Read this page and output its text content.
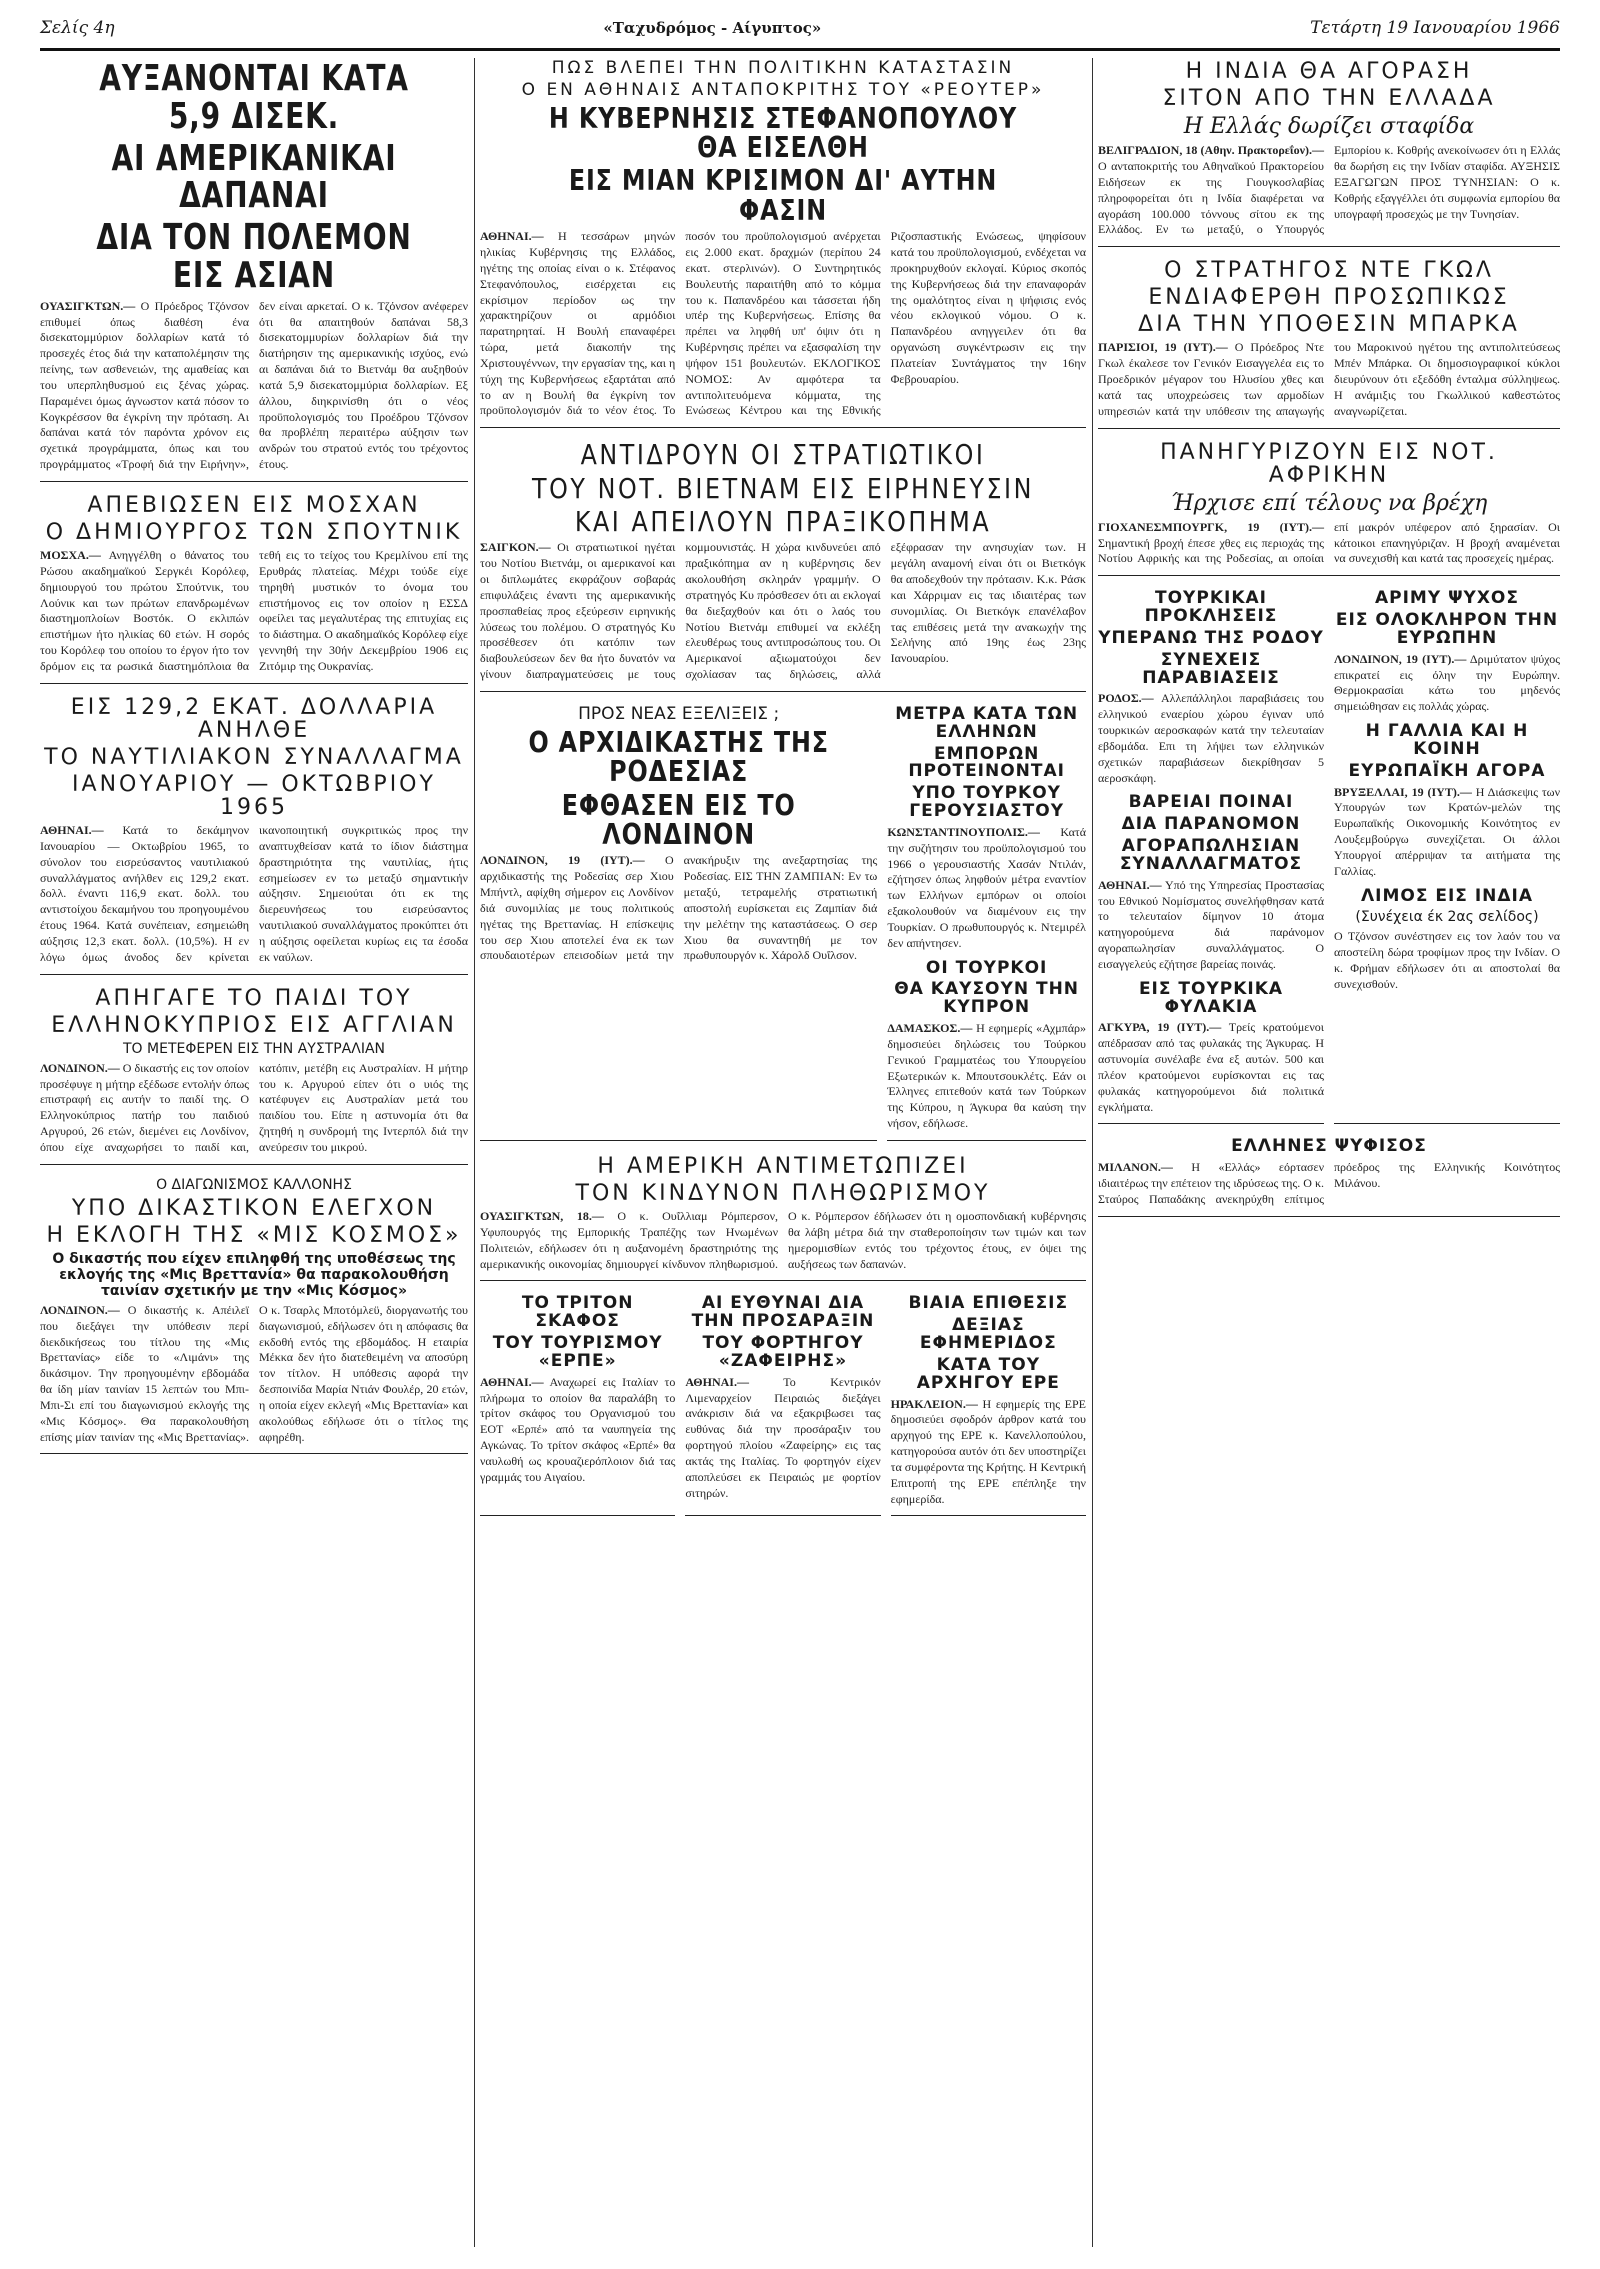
Σελίς 4η	«Ταχυδρόμος - Αίγυπτος»	Τετάρτη 19 Ιανουαρίου 1966
ΑΥΞΑΝΟΝΤΑΙ ΚΑΤΑ 5,9 ΔΙΣΕΚ.
ΑΙ ΑΜΕΡΙΚΑΝΙΚΑΙ ΔΑΠΑΝΑΙ
ΔΙΑ ΤΟΝ ΠΟΛΕΜΟΝ ΕΙΣ ΑΣΙΑΝ
ΟΥΑΣΙΓΚΤΩΝ.— Ο Πρόεδρος Τζόνσον επιθυμεί όπως διαθέση ένα δισεκατομμύριον δολλαρίων κατά τό προσεχές έτος διά την καταπολέμησιν της πείνης, των ασθενειών, της αμαθείας και του υπερπληθυσμού εις ξένας χώρας. Παραμένει όμως άγνωστον κατά πόσον το Κογκρέσσον θα έγκρίνη την πρόταση. Αι δαπάναι κατά τόν παρόντα χρόνον εις σχετικά προγράμματα, όπως και του προγράμματος «Τροφή διά την Ειρήνην», δεν είναι αρκεταί. Ο κ. Τζόνσον ανέφερεν ότι θα απαιτηθούν δαπάναι 58,3 δισεκατομμυρίων δολλαρίων διά την διατήρησιν της αμερικανικής ισχύος, ενώ αι δαπάναι διά το Βιετνάμ θα αυξηθούν κατά 5,9 δισεκατομμύρια δολλαρίων. Εξ άλλου, διηκρινίσθη ότι ο νέος προϋπολογισμός του Προέδρου Τζόνσον θα προβλέπη περαιτέρω αύξησιν των ανδρών του στρατού εντός του τρέχοντος έτους.
ΑΠΕΒΙΩΣΕΝ ΕΙΣ ΜΟΣΧΑΝ
Ο ΔΗΜΙΟΥΡΓΟΣ ΤΩΝ ΣΠΟΥΤΝΙΚ
ΜΟΣΧΑ.— Ανηγγέλθη ο θάνατος του Ρώσου ακαδημαϊκού Σεργκέι Κορόλεφ, δημιουργού του πρώτου Σπούτνικ, του Λούνικ και των πρώτων επανδρωμένων διαστημοπλοίων Βοστόκ. Ο εκλιπών επιστήμων ήτο ηλικίας 60 ετών. Η σορός του Κορόλεφ του οποίου το έργον ήτο τον δρόμον εις τα ρωσικά διαστημόπλοια θα τεθή εις το τείχος του Κρεμλίνου επί της Ερυθράς πλατείας. Μέχρι τούδε είχε τηρηθή μυστικόν το όνομα του επιστήμονος εις τον οποίον η ΕΣΣΔ οφείλει τας μεγαλυτέρας της επιτυχίας εις το διάστημα. Ο ακαδημαϊκός Κορόλεφ είχε γεννηθή την 30ήν Δεκεμβρίου 1906 εις Ζιτόμιρ της Ουκρανίας.
ΕΙΣ 129,2 ΕΚΑΤ. ΔΟΛΛΑΡΙΑ ΑΝΗΛΘΕ
ΤΟ ΝΑΥΤΙΛΙΑΚΟΝ ΣΥΝΑΛΛΑΓΜΑ
ΙΑΝΟΥΑΡΙΟΥ — ΟΚΤΩΒΡΙΟΥ 1965
ΑΘΗΝΑΙ.— Κατά το δεκάμηνον Ιανουαρίου — Οκτωβρίου 1965, το σύνολον του εισρεύσαντος ναυτιλιακού συναλλάγματος ανήλθεν εις 129,2 εκατ. δολλ. έναντι 116,9 εκατ. δολλ. του αντιστοίχου δεκαμήνου του προηγουμένου έτους 1964. Κατά συνέπειαν, εσημειώθη αύξησις 12,3 εκατ. δολλ. (10,5%). Η εν λόγω όμως άνοδος δεν κρίνεται ικανοποιητική συγκριτικώς προς την αναπτυχθείσαν κατά το ίδιον διάστημα δραστηριότητα της ναυτιλίας, ήτις εσημείωσεν εν τω μεταξύ σημαντικήν αύξησιν. Σημειούται ότι εκ της διερευνήσεως του εισρεύσαντος ναυτιλιακού συναλλάγματος προκύπτει ότι η αύξησις οφείλεται κυρίως εις τα έσοδα εκ ναύλων.
ΑΠΗΓΑΓΕ ΤΟ ΠΑΙΔΙ ΤΟΥ
ΕΛΛΗΝΟΚΥΠΡΙΟΣ ΕΙΣ ΑΓΓΛΙΑΝ
ΤΟ ΜΕΤΕΦΕΡΕΝ ΕΙΣ ΤΗΝ ΑΥΣΤΡΑΛΙΑΝ
ΛΟΝΔΙΝΟΝ.— Ο δικαστής εις τον οποίον προσέφυγε η μήτηρ εξέδωσε εντολήν όπως επιστραφή εις αυτήν το παιδί της. Ο Ελληνοκύπριος πατήρ του παιδιού Αργυρού, 26 ετών, διεμένει εις Λονδίνον, όπου είχε αναχωρήσει το παιδί και, κατόπιν, μετέβη εις Αυστραλίαν. Η μήτηρ του κ. Αργυρού είπεν ότι ο υιός της κατέφυγεν εις Αυστραλίαν μετά του παιδίου του. Είπε η αστυνομία ότι θα ζητηθή η συνδρομή της Ιντερπόλ διά την ανεύρεσιν του μικρού.
Ο ΔΙΑΓΩΝΙΣΜΟΣ ΚΑΛΛΟΝΗΣ
ΥΠΟ ΔΙΚΑΣΤΙΚΟΝ ΕΛΕΓΧΟΝ
Η ΕΚΛΟΓΗ ΤΗΣ «ΜΙΣ ΚΟΣΜΟΣ»
Ο δικαστής που είχεν επιληφθή της υποθέσεως της εκλογής της «Μις Βρεττανία» θα παρακολουθήση ταινίαν σχετικήν με την «Μις Κόσμος»
ΛΟΝΔΙΝΟΝ.— Ο δικαστής κ. Απέιλεϊ που διεξάγει την υπόθεσιν περί διεκδικήσεως του τίτλου της «Μις Βρεττανίας» είδε το «Λιμάνι» της δικάσιμον. Την προηγουμένην εβδομάδα θα ίδη μίαν ταινίαν 15 λεπτών του Μπι-Μπι-Σι επί του διαγωνισμού εκλογής της «Μις Κόσμος». Θα παρακολουθήση επίσης μίαν ταινίαν της «Μις Βρεττανίας». Ο κ. Τσαρλς Μποτόμλεϋ, διοργανωτής του διαγωνισμού, εδήλωσεν ότι η απόφασις θα εκδοθή εντός της εβδομάδος. Η εταιρία Μέκκα δεν ήτο διατεθειμένη να αποσύρη τον τίτλον. Η υπόθεσις αφορά την δεσποινίδα Μαρία Ντιάν Φουλέρ, 20 ετών, η οποία είχεν εκλεγή «Μις Βρεττανία» και ακολούθως εδήλωσε ότι ο τίτλος της αφηρέθη.
ΠΩΣ ΒΛΕΠΕΙ ΤΗΝ ΠΟΛΙΤΙΚΗΝ ΚΑΤΑΣΤΑΣΙΝ
Ο ΕΝ ΑΘΗΝΑΙΣ ΑΝΤΑΠΟΚΡΙΤΗΣ ΤΟΥ «ΡΕΟΥΤΕΡ»
Η ΚΥΒΕΡΝΗΣΙΣ ΣΤΕΦΑΝΟΠΟΥΛΟΥ ΘΑ ΕΙΣΕΛΘΗ
ΕΙΣ ΜΙΑΝ ΚΡΙΣΙΜΟΝ ΔΙ' ΑΥΤΗΝ ΦΑΣΙΝ
ΑΘΗΝΑΙ.— Η τεσσάρων μηνών ηλικίας Κυβέρνησις της Ελλάδος, ηγέτης της οποίας είναι ο κ. Στέφανος Στεφανόπουλος, εισέρχεται εις εκρίσιμον περίοδον ως την χαρακτηρίζουν οι αρμόδιοι παρατηρηταί. Η Βουλή επαναφέρει τώρα, μετά διακοπήν της Χριστουγέννων, την εργασίαν της, και η τύχη της Κυβερνήσεως εξαρτάται από το αν η Βουλή θα έγκρίνη τον προϋπολογισμόν διά το νέον έτος. Το ποσόν του προϋπολογισμού ανέρχεται εις 2.000 εκατ. δραχμών (περίπου 24 εκατ. στερλινών). Ο Συντηρητικός Βουλευτής παραιτήθη από το κόμμα του κ. Παπανδρέου και τάσσεται ήδη υπέρ της Κυβερνήσεως. Επίσης θα πρέπει να ληφθή υπ' όψιν ότι η Κυβέρνησις πρέπει να εξασφαλίση την ψήφον 151 βουλευτών. ΕΚΛΟΓΙΚΟΣ ΝΟΜΟΣ: Αν αμφότερα τα αντιπολιτευόμενα κόμματα, της Ενώσεως Κέντρου και της Εθνικής Ριζοσπαστικής Ενώσεως, ψηφίσουν κατά του προϋπολογισμού, ενδέχεται να προκηρυχθούν εκλογαί. Κύριος σκοπός της Κυβερνήσεως διά την επαναφοράν της ομαλότητος είναι η ψήφισις ενός νέου εκλογικού νόμου. Ο κ. Παπανδρέου ανηγγειλεν ότι θα οργανώση συγκέντρωσιν εις την Πλατείαν Συντάγματος την 16ην Φεβρουαρίου.
ΑΝΤΙΔΡΟΥΝ ΟΙ ΣΤΡΑΤΙΩΤΙΚΟΙ
ΤΟΥ ΝΟΤ. ΒΙΕΤΝΑΜ ΕΙΣ ΕΙΡΗΝΕΥΣΙΝ
ΚΑΙ ΑΠΕΙΛΟΥΝ ΠΡΑΞΙΚΟΠΗΜΑ
ΣΑΙΓΚΟΝ.— Οι στρατιωτικοί ηγέται του Νοτίου Βιετνάμ, οι αμερικανοί και οι διπλωμάτες εκφράζουν σοβαράς επιφυλάξεις έναντι της αμερικανικής προσπαθείας προς εξεύρεσιν ειρηνικής λύσεως του πολέμου. Ο στρατηγός Κυ προσέθεσεν ότι κατόπιν των διαβουλεύσεων δεν θα ήτο δυνατόν να γίνουν διαπραγματεύσεις με τους κομμουνιστάς. Η χώρα κινδυνεύει από πραξικόπημα αν η κυβέρνησις δεν ακολουθήση σκληράν γραμμήν. Ο στρατηγός Κυ πρόσθεσεν ότι αι εκλογαί θα διεξαχθούν και ότι ο λαός του Νοτίου Βιετνάμ επιθυμεί να εκλέξη ελευθέρως τους αντιπροσώπους του. Οι Αμερικανοί αξιωματούχοι δεν σχολίασαν τας δηλώσεις, αλλά εξέφρασαν την ανησυχίαν των. Η μεγάλη αναμονή είναι ότι οι Βιετκόγκ θα αποδεχθούν την πρότασιν. Κ.κ. Ράσκ και Χάρριμαν εις τας ιδιαιτέρας των συνομιλίας. Οι Βιετκόγκ επανέλαβον τας επιθέσεις μετά την ανακωχήν της Σελήνης από 19ης έως 23ης Ιανουαρίου.
ΠΡΟΣ ΝΕΑΣ ΕΞΕΛΙΞΕΙΣ ;
Ο ΑΡΧΙΔΙΚΑΣΤΗΣ ΤΗΣ ΡΟΔΕΣΙΑΣ
ΕΦΘΑΣΕΝ ΕΙΣ ΤΟ ΛΟΝΔΙΝΟΝ
ΛΟΝΔΙΝΟΝ, 19 (ΙΥΤ).— Ο αρχιδικαστής της Ροδεσίας σερ Χιου Μπήντλ, αφίχθη σήμερον εις Λονδίνον διά συνομιλίας με τους πολιτικούς ηγέτας της Βρεττανίας. Η επίσκεψις του σερ Χιου αποτελεί ένα εκ των σπουδαιοτέρων επεισοδίων μετά την ανακήρυξιν της ανεξαρτησίας της Ροδεσίας. ΕΙΣ ΤΗΝ ΖΑΜΠΙΑΝ: Εν τω μεταξύ, τετραμελής στρατιωτική αποστολή ευρίσκεται εις Ζαμπίαν διά την μελέτην της καταστάσεως. Ο σερ Χιου θα συναντηθή με τον πρωθυπουργόν κ. Χάρολδ Ουΐλσον.
ΜΕΤΡΑ ΚΑΤΑ ΤΩΝ ΕΛΛΗΝΩΝ
ΕΜΠΟΡΩΝ ΠΡΟΤΕΙΝΟΝΤΑΙ
ΥΠΟ ΤΟΥΡΚΟΥ ΓΕΡΟΥΣΙΑΣΤΟΥ
ΚΩΝΣΤΑΝΤΙΝΟΥΠΟΛΙΣ.— Κατά την συζήτησιν του προϋπολογισμού του 1966 ο γερουσιαστής Χασάν Ντιλάν, εζήτησεν όπως ληφθούν μέτρα εναντίον των Ελλήνων εμπόρων οι οποίοι εξακολουθούν να διαμένουν εις την Τουρκίαν. Ο πρωθυπουργός κ. Ντεμιρέλ δεν απήντησεν.
ΟΙ ΤΟΥΡΚΟΙ
ΘΑ ΚΑΥΣΟΥΝ ΤΗΝ ΚΥΠΡΟΝ
ΔΑΜΑΣΚΟΣ.— Η εφημερίς «Αχμπάρ» δημοσιεύει δηλώσεις του Τούρκου Γενικού Γραμματέως του Υπουργείου Εξωτερικών κ. Μπουτσουκλέτς. Εάν οι Έλληνες επιτεθούν κατά των Τούρκων της Κύπρου, η Άγκυρα θα καύση την νήσον, εδήλωσε.
Η ΑΜΕΡΙΚΗ ΑΝΤΙΜΕΤΩΠΙΖΕΙ
ΤΟΝ ΚΙΝΔΥΝΟΝ ΠΛΗΘΩΡΙΣΜΟΥ
ΟΥΑΣΙΓΚΤΩΝ, 18.— Ο κ. Ουΐλλιαμ Ρόμπερσον, Υφυπουργός της Εμπορικής Τραπέζης των Ηνωμένων Πολιτειών, εδήλωσεν ότι η αυξανομένη δραστηριότης της αμερικανικής οικονομίας δημιουργεί κίνδυνον πληθωρισμού. Ο κ. Ρόμπερσον έδήλωσεν ότι η ομοσπονδιακή κυβέρνησις θα λάβη μέτρα διά την σταθεροποίησιν των τιμών και των ημερομισθίων εντός του τρέχοντος έτους, εν όψει της αυξήσεως των δαπανών.
ΤΟ ΤΡΙΤΟΝ ΣΚΑΦΟΣ
ΤΟΥ ΤΟΥΡΙΣΜΟΥ «ΕΡΠΕ»
ΑΘΗΝΑΙ.— Αναχωρεί εις Ιταλίαν το πλήρωμα το οποίον θα παραλάβη το τρίτον σκάφος του Οργανισμού του ΕΟΤ «Ερπέ» από τα ναυπηγεία της Αγκώνας. Το τρίτον σκάφος «Ερπέ» θα ναυλωθή ως κρουαζιερόπλοιον διά τας γραμμάς του Αιγαίου.
ΑΙ ΕΥΘΥΝΑΙ ΔΙΑ ΤΗΝ ΠΡΟΣΑΡΑΞΙΝ
ΤΟΥ ΦΟΡΤΗΓΟΥ «ΖΑΦΕΙΡΗΣ»
ΑΘΗΝΑΙ.—	Το Κεντρικόν Λιμεναρχείον Πειραιώς διεξάγει ανάκρισιν διά να εξακριβωσει τας ευθύνας διά την προσάραξιν του φορτηγού πλοίου «Ζαφείρης» εις τας ακτάς της Ιταλίας. Το φορτηγόν είχεν αποπλεύσει εκ Πειραιώς με φορτίον σιτηρών.
ΒΙΑΙΑ ΕΠΙΘΕΣΙΣ
ΔΕΞΙΑΣ ΕΦΗΜΕΡΙΔΟΣ
ΚΑΤΑ ΤΟΥ ΑΡΧΗΓΟΥ ΕΡΕ
ΗΡΑΚΛΕΙΟΝ.— Η εφημερίς της ΕΡΕ δημοσιεύει σφοδρόν άρθρον κατά του αρχηγού της ΕΡΕ κ. Κανελλοπούλου, κατηγορούσα αυτόν ότι δεν υποστηρίζει τα συμφέροντα της Κρήτης. Η Κεντρική Επιτροπή της ΕΡΕ επέπληξε την εφημερίδα.
Η ΙΝΔΙΑ ΘΑ ΑΓΟΡΑΣΗ
ΣΙΤΟΝ ΑΠΟ ΤΗΝ ΕΛΛΑΔΑ
Η Ελλάς δωρίζει σταφίδα
ΒΕΛΙΓΡΑΔΙΟΝ, 18 (Αθην. Πρακτορεΐον).— Ο ανταποκριτής του Αθηναϊκού Πρακτορείου Ειδήσεων εκ της Γιουγκοσλαβίας πληροφορείται ότι η Ινδία διαφέρεται να αγοράση 100.000 τόννους σίτου εκ της Ελλάδος. Εν τω μεταξύ, ο Υπουργός Εμπορίου κ. Κοθρής ανεκοίνωσεν ότι η Ελλάς θα δωρήση εις την Ινδίαν σταφίδα. ΑΥΞΗΣΙΣ ΕΞΑΓΩΓΩΝ ΠΡΟΣ ΤΥΝΗΣΙΑΝ: Ο κ. Κοθρής εξαγγέλλει ότι συμφωνία εμπορίου θα υπογραφή προσεχώς με την Τυνησίαν.
Ο ΣΤΡΑΤΗΓΟΣ ΝΤΕ ΓΚΩΛ
ΕΝΔΙΑΦΕΡΘΗ ΠΡΟΣΩΠΙΚΩΣ
ΔΙΑ ΤΗΝ ΥΠΟΘΕΣΙΝ ΜΠΑΡΚΑ
ΠΑΡΙΣΙΟΙ, 19 (ΙΥΤ).— Ο Πρόεδρος Ντε Γκωλ έκαλεσε τον Γενικόν Εισαγγελέα εις το Προεδρικόν μέγαρον του Ηλυσίου χθες και κατά τας υποχρεώσεις των αρμοδίων υπηρεσιών κατά την υπόθεσιν της απαγωγής του Μαροκινού ηγέτου της αντιπολιτεύσεως Μπέν Μπάρκα. Οι δημοσιογραφικοί κύκλοι διευρύνουν ότι εξεδόθη ένταλμα σύλληψεως. Η ανάμιξις του Γκωλλικού καθεστώτος αναγνωρίζεται.
ΠΑΝΗΓΥΡΙΖΟΥΝ ΕΙΣ ΝΟΤ. ΑΦΡΙΚΗΝ
Ήρχισε επί τέλους να βρέχη
ΓΙΟΧΑΝΕΣΜΠΟΥΡΓΚ, 19 (ΙΥΤ).— Σημαντική βροχή έπεσε χθες εις περιοχάς της Νοτίου Αφρικής και της Ροδεσίας, αι οποίαι επί μακρόν υπέφερον από ξηρασίαν. Οι κάτοικοι επανηγύριζαν. Η βροχή αναμένεται να συνεχισθή και κατά τας προσεχείς ημέρας.
ΤΟΥΡΚΙΚΑΙ ΠΡΟΚΛΗΣΕΙΣ
ΥΠΕΡΑΝΩ ΤΗΣ ΡΟΔΟΥ
ΣΥΝΕΧΕΙΣ ΠΑΡΑΒΙΑΣΕΙΣ
ΡΟΔΟΣ.— Αλλεπάλληλοι παραβιάσεις του ελληνικού εναερίου χώρου έγιναν υπό τουρκικών αεροσκαφών κατά την τελευταίαν εβδομάδα. Επι τη λήψει των ελληνικών σχετικών παραβιάσεων διεκρίθησαν 5 αεροσκάφη.
ΒΑΡΕΙΑΙ ΠΟΙΝΑΙ
ΔΙΑ ΠΑΡΑΝΟΜΟΝ
ΑΓΟΡΑΠΩΛΗΣΙΑΝ ΣΥΝΑΛΛΑΓΜΑΤΟΣ
ΑΘΗΝΑΙ.— Υπό της Υπηρεσίας Προστασίας του Εθνικού Νομίσματος συνελήφθησαν κατά το τελευταίον δίμηνον 10 άτομα κατηγορούμενα διά παράνομον αγοραπωλησίαν συναλλάγματος. Ο εισαγγελεύς εζήτησε βαρείας ποινάς.
ΕΙΣ ΤΟΥΡΚΙΚΑ ΦΥΛΑΚΙΑ
ΑΓΚΥΡΑ, 19 (ΙΥΤ).— Τρείς κρατούμενοι απέδρασαν από τας φυλακάς της Άγκυρας. Η αστυνομία συνέλαβε ένα εξ αυτών. 500 και πλέον κρατούμενοι ευρίσκονται εις τας φυλακάς κατηγορούμενοι διά πολιτικά εγκλήματα.
ΑΡΙΜΥ ΨΥΧΟΣ
ΕΙΣ ΟΛΟΚΛΗΡΟΝ ΤΗΝ ΕΥΡΩΠΗΝ
ΛΟΝΔΙΝΟΝ, 19 (ΙΥΤ).— Δριμύτατον ψύχος επικρατεί εις όλην την Ευρώπην. Θερμοκρασίαι κάτω του μηδενός σημειώθησαν εις πολλάς χώρας.
Η ΓΑΛΛΙΑ ΚΑΙ Η ΚΟΙΝΗ
ΕΥΡΩΠΑΪΚΗ ΑΓΟΡΑ
ΒΡΥΞΕΛΛΑΙ, 19 (ΙΥΤ).— Η Διάσκεψις των Υπουργών των Κρατών-μελών της Ευρωπαϊκής Οικονομικής Κοινότητος εν Λουξεμβούργω συνεχίζεται. Οι άλλοι Υπουργοί απέρριψαν τα αιτήματα της Γαλλίας.
ΛΙΜΟΣ ΕΙΣ ΙΝΔΙΑ
(Συνέχεια έκ 2ας σελίδος)
Ο Τζόνσον συνέστησεν εις τον λαόν του να αποστείλη δώρα τροφίμων προς την Ινδίαν. Ο κ. Φρήμαν εδήλωσεν ότι αι αποστολαί θα συνεχισθούν.
ΕΛΛΗΝΕΣ ΨΥΦΙΣΟΣ
ΜΙΛΑΝΟΝ.— Η «Ελλάς» εόρτασεν ιδιαιτέρως την επέτειον της ιδρύσεως της. Ο κ. Σταύρος Παπαδάκης ανεκηρύχθη επίτιμος πρόεδρος της Ελληνικής Κοινότητος Μιλάνου.
